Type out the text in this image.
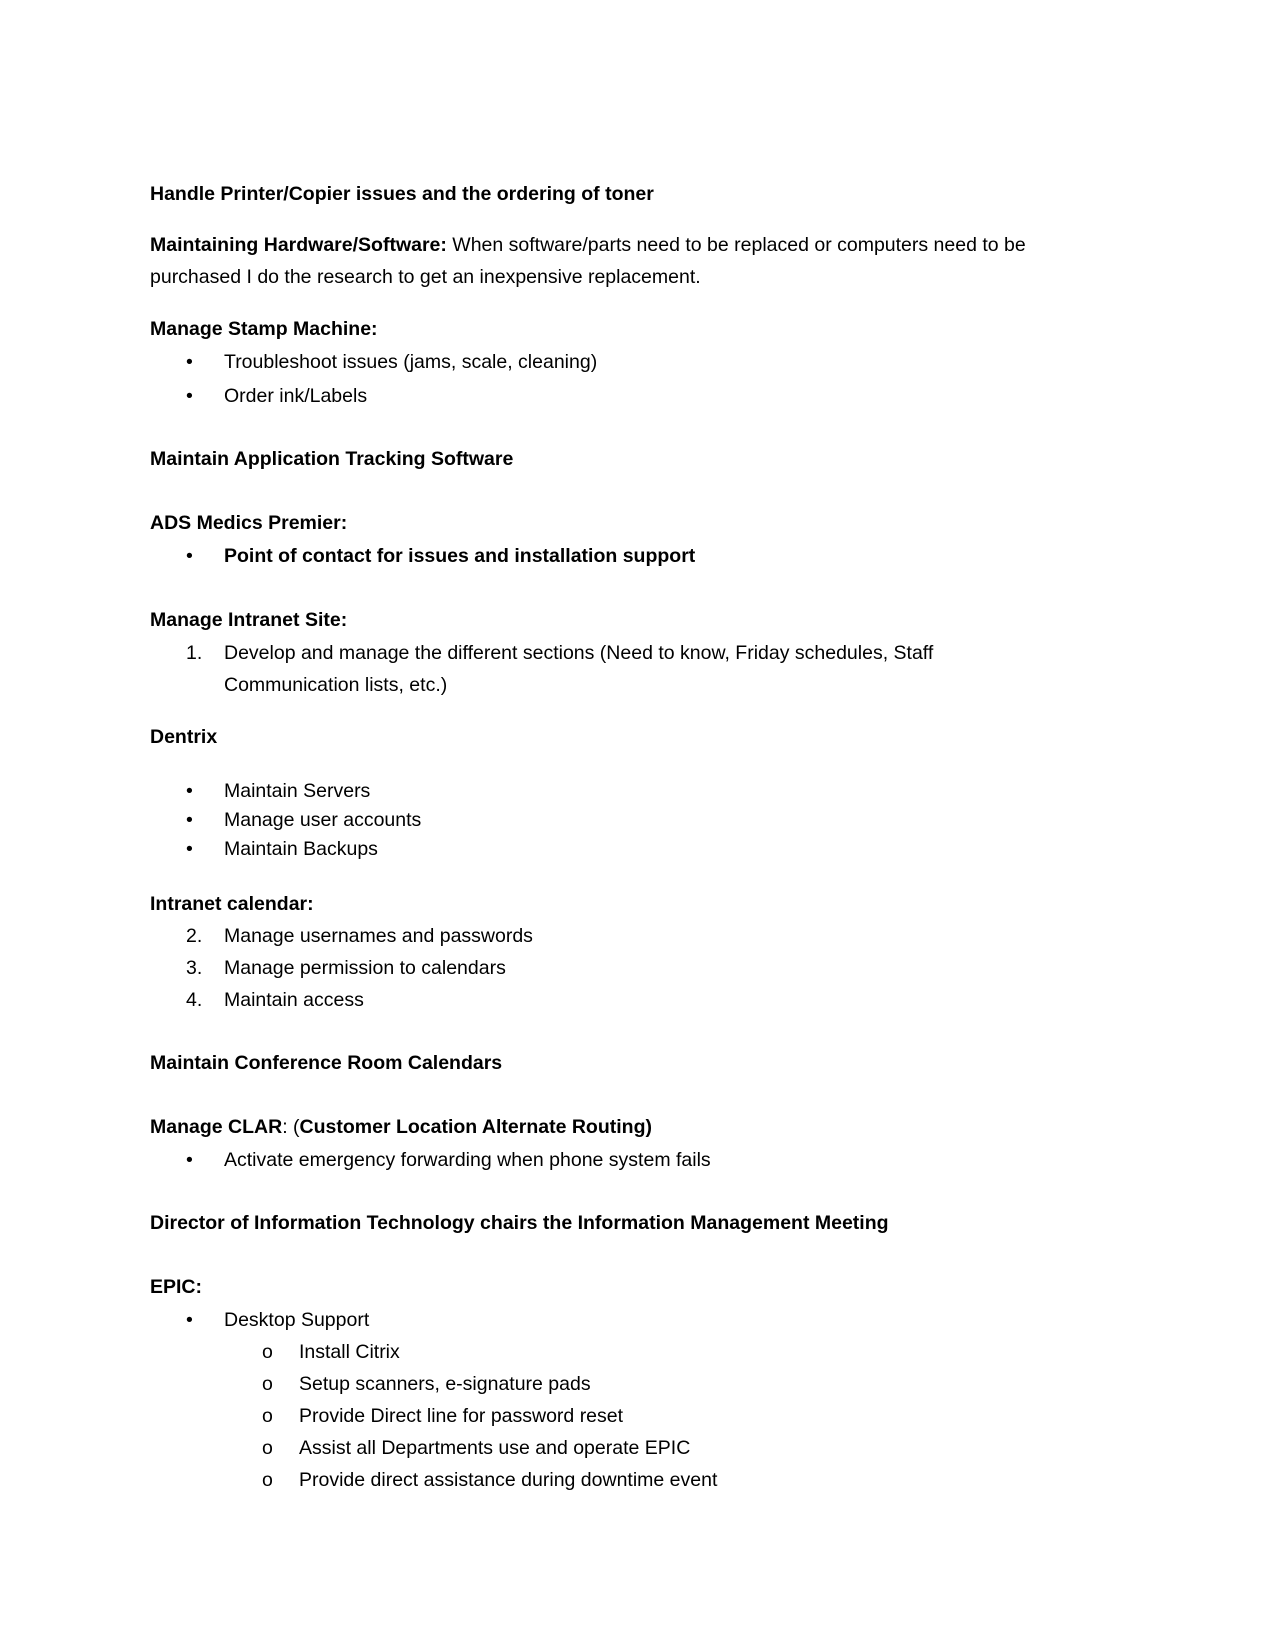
Handle Printer/Copier issues and the ordering of toner
Maintaining Hardware/Software: When software/parts need to be replaced or computers need to be
purchased I do the research to get an inexpensive replacement.
Manage Stamp Machine:
• Troubleshoot issues (jams, scale, cleaning)
• Order ink/Labels
Maintain Application Tracking Software
ADS Medics Premier:
• Point of contact for issues and installation support
Manage Intranet Site:
1. Develop and manage the different sections (Need to know, Friday schedules, Staff
Communication lists, etc.)
Dentrix
• Maintain Servers
• Manage user accounts
• Maintain Backups
Intranet calendar:
2. Manage usernames and passwords
3. Manage permission to calendars
4. Maintain access
Maintain Conference Room Calendars
Manage CLAR: (Customer Location Alternate Routing)
• Activate emergency forwarding when phone system fails
Director of Information Technology chairs the Information Management Meeting
EPIC:
• Desktop Support
o Install Citrix
o Setup scanners, e-signature pads
o Provide Direct line for password reset
o Assist all Departments use and operate EPIC
o Provide direct assistance during downtime event
